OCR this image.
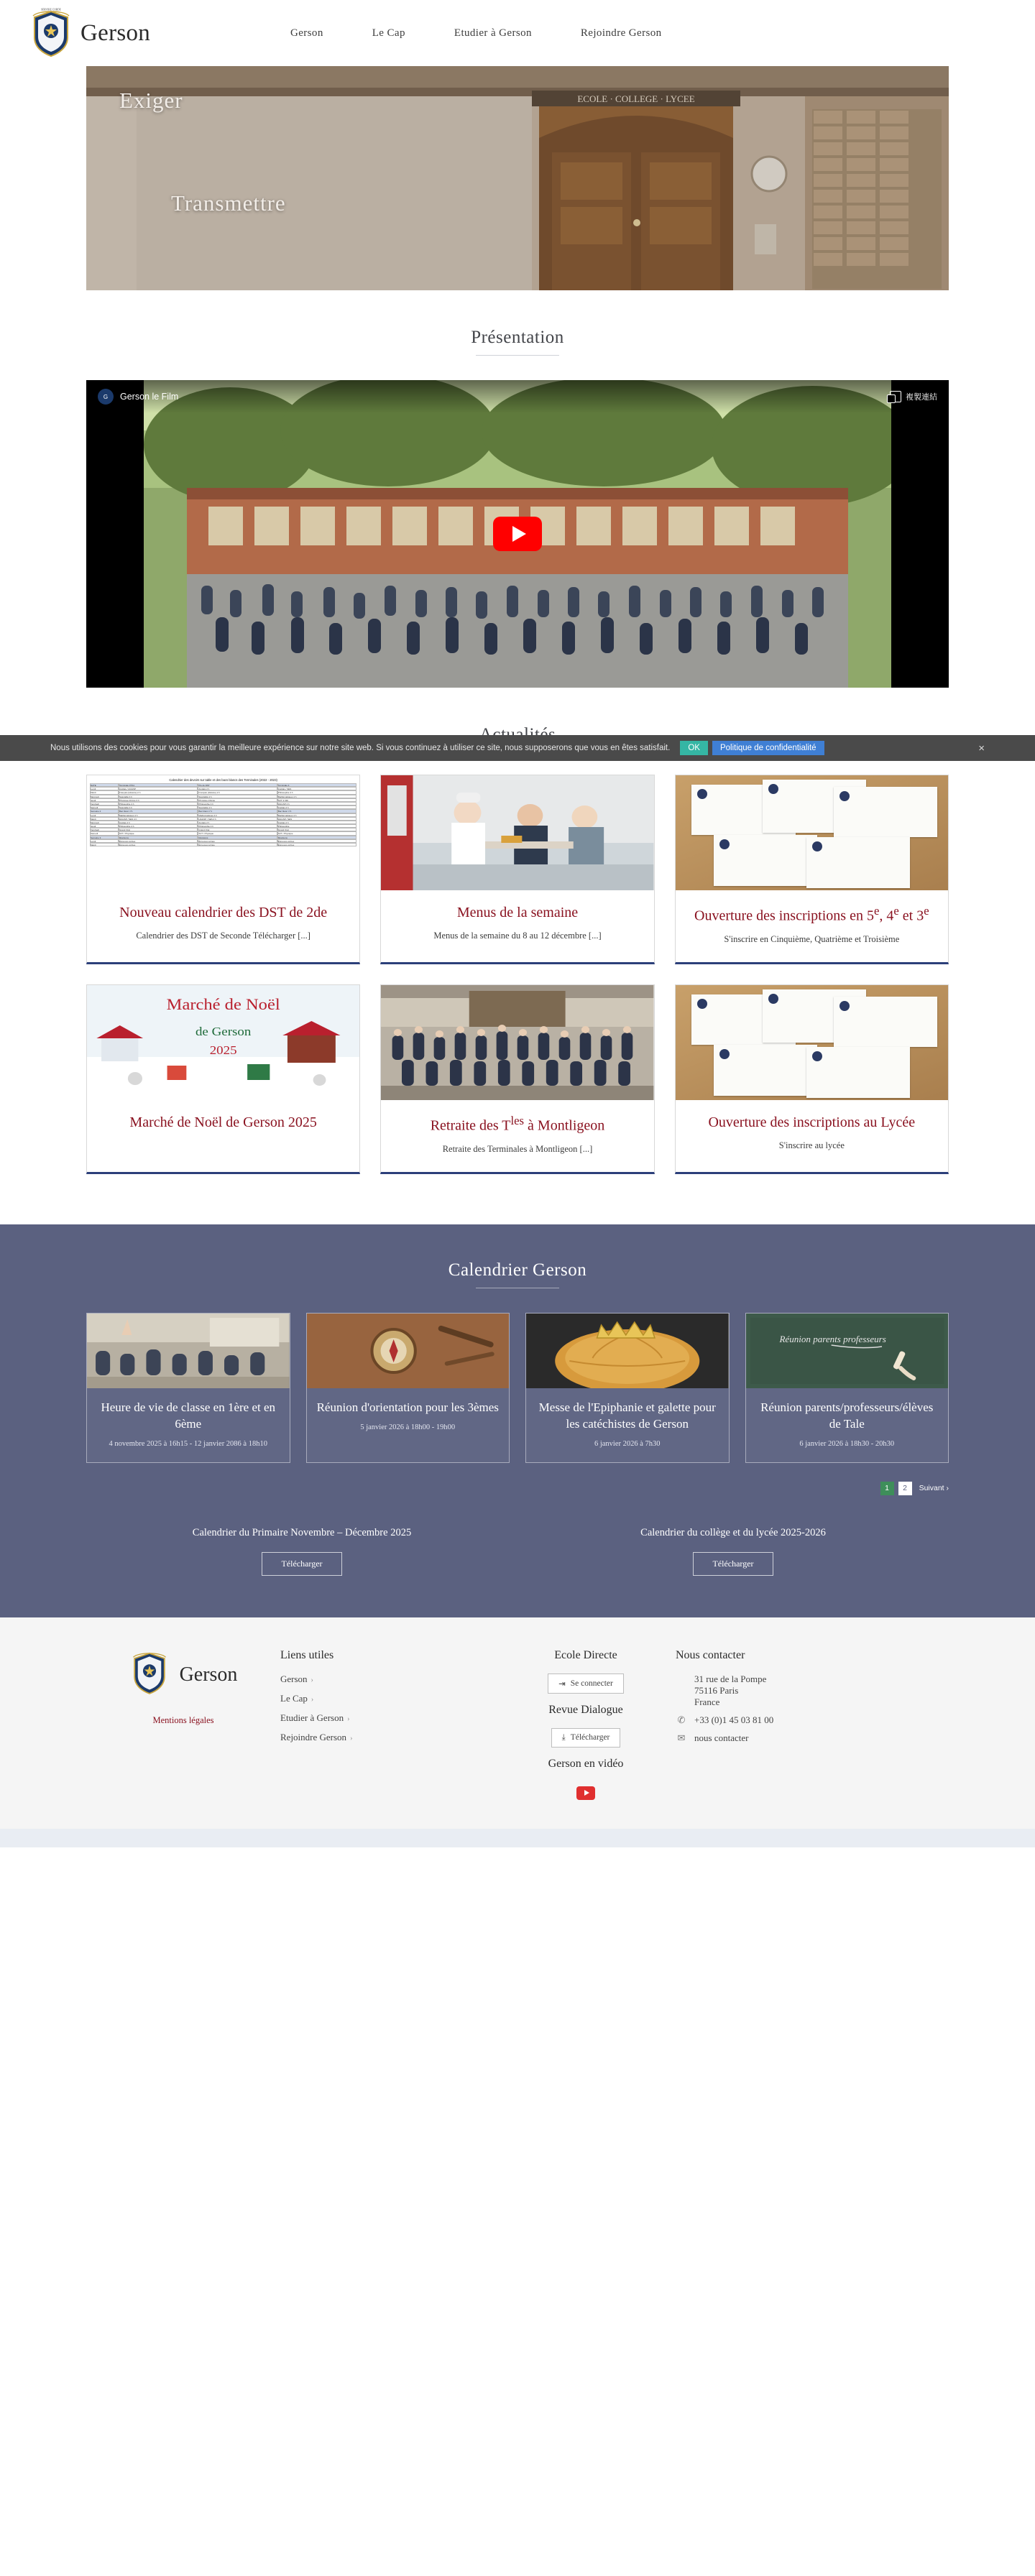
SERVIRE CORDE
Gerson	Gerson	Le Cap	Etudier à Gerson	Rejoindre Gerson
ECOLE · COLLEGE · LYCEE
Exiger
Transmettre
Présentation
G	Gerson le Film	複製連結
Nous utilisons des cookies pour vous garantir la meilleure expérience sur notre site web. Si vous continuez à utiliser ce site, nous supposerons que vous en êtes satisfait.	OK	Politique de confidentialité	×
Calendrier des devoirs sur table et des bacs blancs des Terminales (2022 - 2023)
DATE	Terminale 07/11	Pts du DST	Terminale 4
Lundi	Anglais / HGGSP	Anglais 2 h	Anglais / SES
Mardi	Français (Histoire) 2 h	Français (Histoire) 2 h	Philosophie 4 h
Mercredi	Spécialité 4 h	Spécialité 4 h	Mathématiques 4 h
Jeudi	Physique-Chimie 3 h	Physique-Chimie	SVT 3 h30
Vendredi	Philosophie 4 h	Philosophie 4 h	HGGSP 4 h
Samedi	Spécialité 4 h	Spécialité 4 h	Anglais 2 h
Semaine 2	Bac blanc n°1	Bac blanc n°1	Bac blanc n°1
Lundi	Mathématiques 4 h	Mathématiques 4 h	Mathématiques 4 h
Mardi	HGGSP / SES 4 h	HGGSP / SES 4 h	HGGSP / SES
Mercredi	Anglais 2 h	Anglais 2 h	Anglais 2 h
Jeudi	Philosophie 4 h	Philosophie 4 h	Philosophie
Vendredi	Grand Oral	Grand Oral	Grand Oral
Samedi	SVT / Physique	SVT / Physique	SVT / Physique
Semaine 3	Révisions	Révisions	Révisions
Lundi	Épreuves écrites	Épreuves écrites	Épreuves écrites
Mardi	Épreuves écrites	Épreuves écrites	Épreuves écrites
Nouveau calendrier des DST de 2de
Calendrier des DST de Seconde Télécharger [...]
Menus de la semaine
Menus de la semaine du 8 au 12 décembre [...]
Ouverture des inscriptions en 5e, 4e et 3e
S'inscrire en Cinquième, Quatrième et Troisième
Marché de Noël
de Gerson
2025
Marché de Noël de Gerson 2025	Retraite des $T^{les}$ à Montligeon
Retraite des Terminales à Montligeon [...]
Ouverture des inscriptions au Lycée
S'inscrire au lycée
Calendrier Gerson
Heure de vie de classe en 1ère et en 6ème
4 novembre 2025 à 16h15 - 12 janvier 2086 à 18h10
Réunion d'orientation pour les 3èmes
5 janvier 2026 à 18h00 - 19h00
Messe de l'Epiphanie et galette pour les catéchistes de Gerson
6 janvier 2026 à 7h30
Réunion parents professeurs
Réunion parents/professeurs/élèves de Tale
6 janvier 2026 à 18h30 - 20h30
1	2	Suivant ›
Calendrier du Primaire Novembre – Décembre 2025
Télécharger
Calendrier du collège et du lycée 2025-2026
Télécharger
Gerson
Mentions légales
Liens utiles
Gerson ›
Le Cap ›
Etudier à Gerson ›
Rejoindre Gerson ›
Ecole Directe
⇥ Se connecter
Revue Dialogue
⤓ Télécharger
Gerson en vidéo
Nous contacter
31 rue de la Pompe
75116 Paris
France
✆ +33 (0)1 45 03 81 00
✉ nous contacter
